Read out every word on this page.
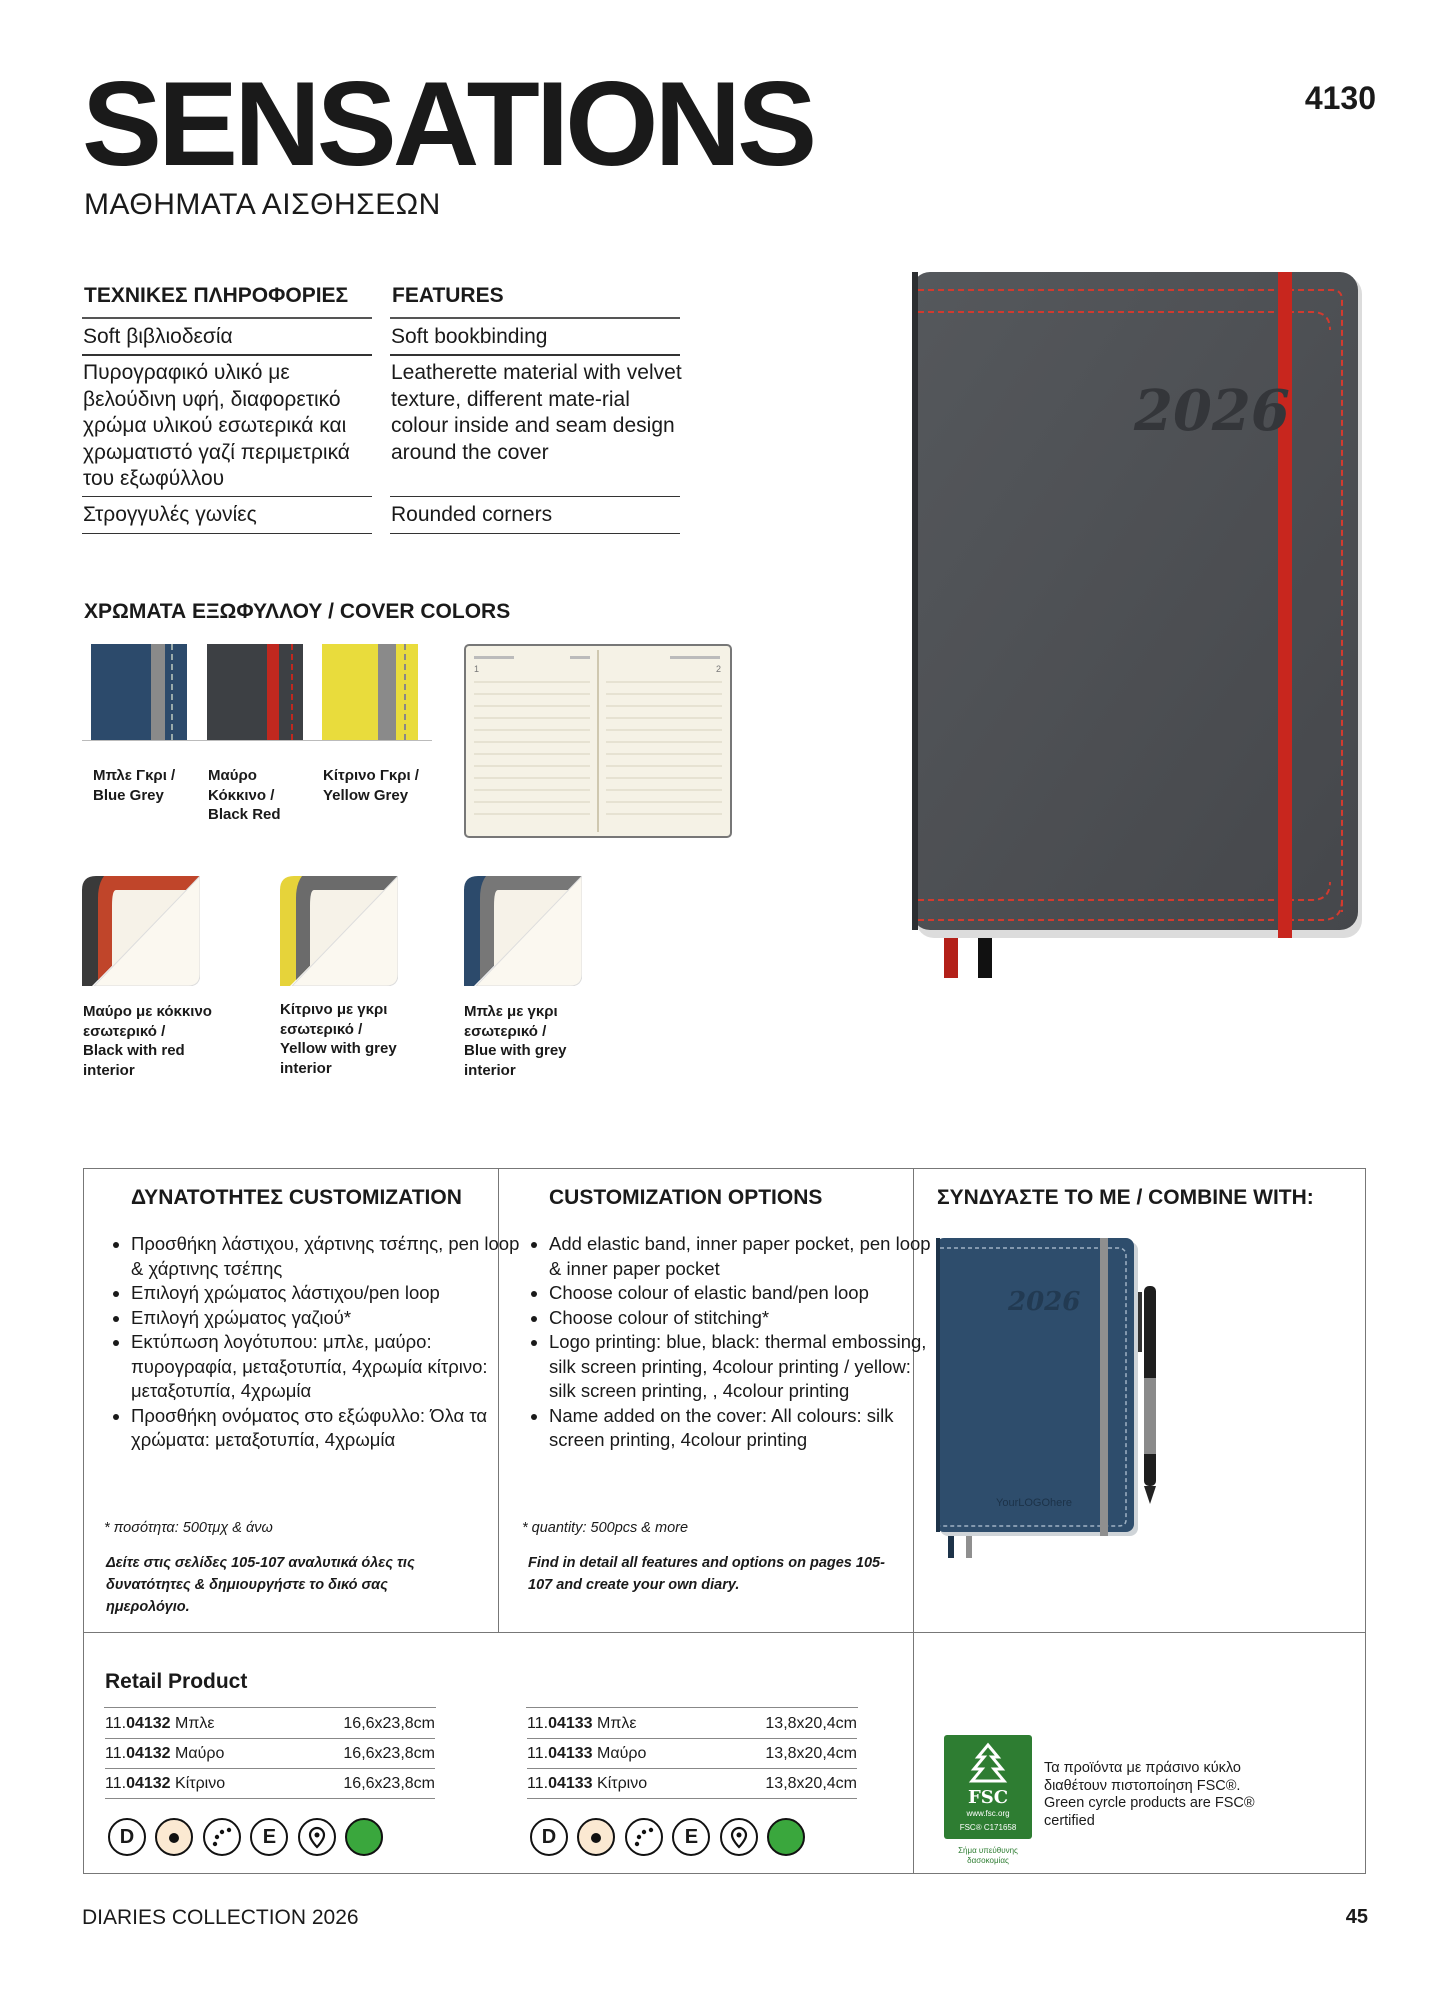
SENSATIONS
ΜΑΘΗΜΑΤΑ ΑΙΣΘΗΣΕΩΝ
4130
ΤΕΧΝΙΚΕΣ ΠΛΗΡΟΦΟΡΙΕΣ FEATURES
Soft βιβλιοδεσία	Soft bookbinding
Πυρογραφικό υλικό με βελούδινη υφή, διαφορετικό χρώμα υλικού εσωτερικά και χρωματιστό γαζί περιμετρικά του εξωφύλλου
Leatherette material with velvet texture, different mate-rial colour inside and seam design around the cover
Στρογγυλές γωνίες	Rounded corners
ΧΡΩΜΑΤΑ ΕΞΩΦΥΛΛΟΥ / COVER COLORS
Μπλε Γκρι /
Blue Grey
Μαύρο
Κόκκινο /
Black Red
Κίτρινο Γκρι /
Yellow Grey
1	2
Μαύρο με κόκκινο
εσωτερικό /
Black with red
interior
Κίτρινο με γκρι
εσωτερικό /
Yellow with grey
interior
Μπλε με γκρι
εσωτερικό /
Blue with grey
interior
2026
ΔΥΝΑΤΟΤΗΤΕΣ CUSTOMIZATION
• Προσθήκη λάστιχου, χάρτινης τσέπης, pen loop & χάρτινης τσέπης
• Επιλογή χρώματος λάστιχου/pen loop
• Επιλογή χρώματος γαζιού*
• Εκτύπωση λογότυπου: μπλε, μαύρο: πυρογραφία, μεταξοτυπία, 4χρωμία κίτρινο: μεταξοτυπία, 4χρωμία
• Προσθήκη ονόματος στο εξώφυλλο: Όλα τα χρώματα: μεταξοτυπία, 4χρωμία
* ποσότητα: 500τμχ & άνω
Δείτε στις σελίδες 105-107 αναλυτικά όλες τις δυνατότητες & δημιουργήστε το δικό σας ημερολόγιο.
CUSTOMIZATION OPTIONS
• Add elastic band, inner paper pocket, pen loop & inner paper pocket
• Choose colour of elastic band/pen loop
• Choose colour of stitching*
• Logo printing: blue, black: thermal embossing, silk screen printing, 4colour printing / yellow: silk screen printing, , 4colour printing
• Name added on the cover: All colours: silk screen printing, 4colour printing
* quantity: 500pcs & more
Find in detail all features and options on pages 105-107 and create your own diary.
ΣΥΝΔΥΑΣΤΕ ΤΟ ΜΕ / COMBINE WITH:
2026
YourLOGOhere
Retail Product
11.04132 Μπλε	16,6x23,8cm
11.04132 Μαύρο	16,6x23,8cm
11.04132 Κίτρινο	16,6x23,8cm
11.04133 Μπλε	13,8x20,4cm
11.04133 Μαύρο	13,8x20,4cm
11.04133 Κίτρινο	13,8x20,4cm
D	E
	D	E

FSC
www.fsc.org
FSC® C171658
Σήμα υπεύθυνης δασοκομίας
Τα προϊόντα με πράσινο κύκλο διαθέτουν πιστοποίηση FSC®. Green cyrcle products are FSC® certified
DIARIES COLLECTION 2026	45
